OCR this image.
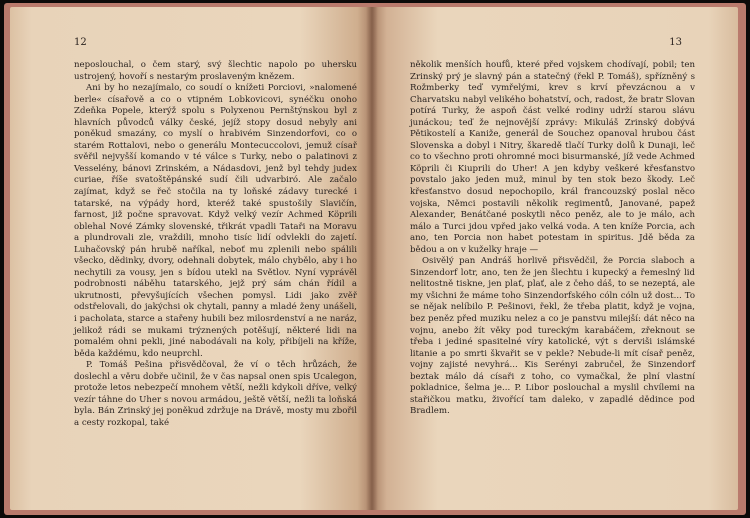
12

neposlouchal, o čem starý, svý šlechtic napolo po uhersku ustrojený, hovoří s nestarým proslaveným knězem.

Ani by ho nezajímalo, co soudí o knížeti Porciovi, »nalomené berle« císařově a co o vtipném Lobkovicovi, synéčku onoho Zdeňka Popele, kterýž spolu s Polyxenou Pernštýnskou byl z hlavních původců války české, jejíž stopy dosud nebyly ani poněkud smazány, co myslí o hrabivém Sinzendorfovi, co o starém Rottalovi, nebo o generálu Montecuccolovi, jemuž císař svěřil nejvyšší komando v té válce s Turky, nebo o palatinovi z Vesselény, bánovi Zrinském, a Nádasdovi, jenž byl tehdy judex curiae, říše svatoštěpánské sudí čili udvarbiró. Ale začalo zajímat, když se řeč stočila na ty loňské zádavy turecké i tatarské, na výpády hord, kteréž také spustošily Slavičín, farnost, již počne spravovat. Když velký vezír Achmed Köprili oblehal Nové Zámky slovenské, třikrát vpadli Tataři na Moravu a plundrovali zle, vraždili, mnoho tisíc lidí odvlekli do zajetí. Luhačovský pán hrubě naříkal, neboť mu zplenili nebo spálili všecko, dědinky, dvory, odehnali dobytek, málo chybělo, aby i ho nechytili za vousy, jen s bídou utekl na Světlov. Nyní vyprávěl podrobnosti náběhu tatarského, jejž prý sám chán řídil a ukrutnosti, převyšujících všechen pomysl. Lidi jako zvěř odstřelovali, do jakýchsi ok chytali, panny a mladé ženy unášeli, i pacholata, starce a stařeny hubili bez milosrdenství a ne naráz, jelikož rádi se mukami trýznených potěšují, některé lidi na pomalém ohni pekli, jiné nabodávali na koly, přibíjeli na kříže, běda každému, kdo neuprchl.

P. Tomáš Pešina přisvědčoval, že ví o těch hrůzách, že doslechl a věru dobře učinil, že v čas napsal onen spis Ucalegon, protože letos nebezpečí mnohem větší, nežli kdykoli dříve, velký vezír táhne do Uher s novou armádou, ještě větší, nežli ta loňská byla. Bán Zrinský jej poněkud zdržuje na Drávě, mosty mu zbořil a cesty rozkopal, také

13

několik menších houfů, které před vojskem chodívají, pobil; ten Zrinský prý je slavný pán a statečný (řekl P. Tomáš), spřízněný s Rožmberky teď vymřelými, krev s krví převzácnou a v Charvatsku nabyl velikého bohatství, och, radost, že bratr Slovan potírá Turky, že aspoň část velké rodiny udrží starou slávu junáckou; teď že nejnovější zprávy: Mikuláš Zrinský dobývá Pětikostelí a Kaniže, generál de Souchez opanoval hrubou část Slovenska a dobyl i Nitry, škaredě tlačí Turky dolů k Dunaji, leč co to všechno proti ohromné moci bisurmanské, jíž vede Achmed Köprili či Kiuprili do Uher! A jen kdyby veškeré křesťanstvo povstalo jako jeden muž, minul by ten stok bezo škody. Leč křesťanstvo dosud nepochopilo, král francouzský poslal něco vojska, Němci postavili několik regimentů, Janované, papež Alexander, Benátčané poskytli něco peněz, ale to je málo, ach málo a Turci jdou vpřed jako velká voda. A ten kníže Porcia, ach ano, ten Porcia non habet potestam in spiritus. Jdě běda za bědou a on v kuželky hraje —

Osivělý pan Andráš horlivě přisvědčil, že Porcia slaboch a Sinzendorf lotr, ano, ten že jen šlechtu i kupecký a řemeslný lid nelitostně tiskne, jen plať, plať, ale z čeho dáš, to se nezeptá, ale my všichni že máme toho Sinzendorfského cóln cóln už dost... To se nějak nelíbilo P. Pešinovi, řekl, že třeba platit, když je vojna, bez peněz před muziku nelez a co je panstvu milejší: dát něco na vojnu, anebo žít věky pod tureckým karabáčem, zřeknout se třeba i jediné spasitelné víry katolické, výt s derviši islámské litanie a po smrti škvařit se v pekle? Nebude-li mít císař peněz, vojny zajisté nevyhrá... Kis Serényi zabručel, že Sinzendorf beztak málo dá císaři z toho, co vymačkal, že plní vlastní pokladnice, šelma je... P. Libor poslouchal a myslil chvílemi na stařičkou matku, živořící tam daleko, v zapadlé dědince pod Bradlem.
